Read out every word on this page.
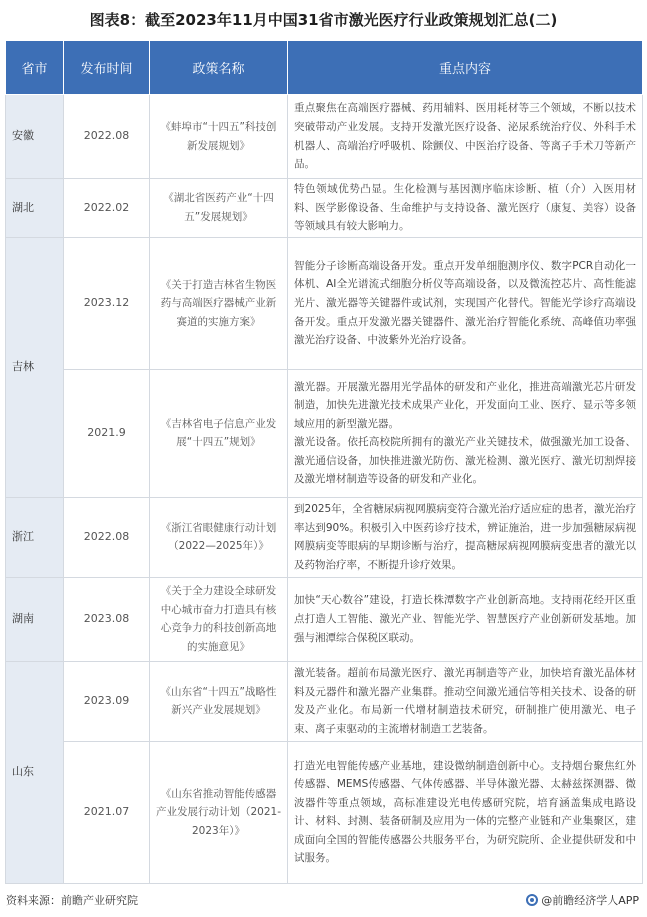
图表8：截至2023年11月中国31省市激光医疗行业政策规划汇总(二)
省市	发布时间	政策名称	重点内容
安徽	2022.08	《蚌埠市“十四五”科技创新发展规划》	重点聚焦在高端医疗器械、药用辅料、医用耗材等三个领域，不断以技术突破带动产业发展。支持开发激光医疗设备、泌尿系统治疗仪、外科手术机器人、高端治疗呼吸机、除颤仪、中医治疗设备、等离子手术刀等新产品。
湖北	2022.02	《湖北省医药产业“十四五”发展规划》	特色领域优势凸显。生化检测与基因测序临床诊断、植（介）入医用材料、医学影像设备、生命维护与支持设备、激光医疗（康复、美容）设备等领域具有较大影响力。
吉林	2023.12	《关于打造吉林省生物医药与高端医疗器械产业新赛道的实施方案》	智能分子诊断高端设备开发。重点开发单细胞测序仪、数字PCR自动化一体机、AI全光谱流式细胞分析仪等高端设备，以及微流控芯片、高性能滤光片、激光器等关键器件或试剂，实现国产化替代。智能光学诊疗高端设备开发。重点开发激光器关键器件、激光治疗智能化系统、高峰值功率强激光治疗设备、中波紫外光治疗设备。
	2021.9	《吉林省电子信息产业发展“十四五”规划》	激光器。开展激光器用光学晶体的研发和产业化，推进高端激光芯片研发制造，加快先进激光技术成果产业化，开发面向工业、医疗、显示等多领域应用的新型激光器。
激光设备。依托高校院所拥有的激光产业关键技术，做强激光加工设备、激光通信设备，加快推进激光防伤、激光检测、激光医疗、激光切割焊接及激光增材制造等设备的研发和产业化。

浙江	2022.08	《浙江省眼健康行动计划（2022—2025年）》	到2025年，全省糖尿病视网膜病变符合激光治疗适应症的患者，激光治疗率达到90%。积极引入中医药诊疗技术，辨证施治，进一步加强糖尿病视网膜病变等眼病的早期诊断与治疗，提高糖尿病视网膜病变患者的激光以及药物治疗率，不断提升诊疗效果。
湖南	2023.08	《关于全力建设全球研发中心城市奋力打造具有核心竞争力的科技创新高地的实施意见》	加快“天心数谷”建设，打造长株潭数字产业创新高地。支持雨花经开区重点打造人工智能、激光产业、智能光学、智慧医疗产业创新研发基地。加强与湘潭综合保税区联动。
山东	2023.09	《山东省“十四五”战略性新兴产业发展规划》	激光装备。超前布局激光医疗、激光再制造等产业，加快培育激光晶体材料及元器件和激光器产业集群。推动空间激光通信等相关技术、设备的研发及产业化。布局新一代增材制造技术研究，研制推广使用激光、电子束、离子束驱动的主流增材制造工艺装备。
	2021.07	《山东省推动智能传感器产业发展行动计划（2021-2023年）》	打造光电智能传感产业基地，建设微纳制造创新中心。支持烟台聚焦红外传感器、MEMS传感器、气体传感器、半导体激光器、太赫兹探测器、微波器件等重点领域，高标准建设光电传感研究院，培育涵盖集成电路设计、材料、封测、装备研制及应用为一体的完整产业链和产业集聚区，建成面向全国的智能传感器公共服务平台，为研究院所、企业提供研发和中试服务。
资料来源：前瞻产业研究院	@前瞻经济学人APP
